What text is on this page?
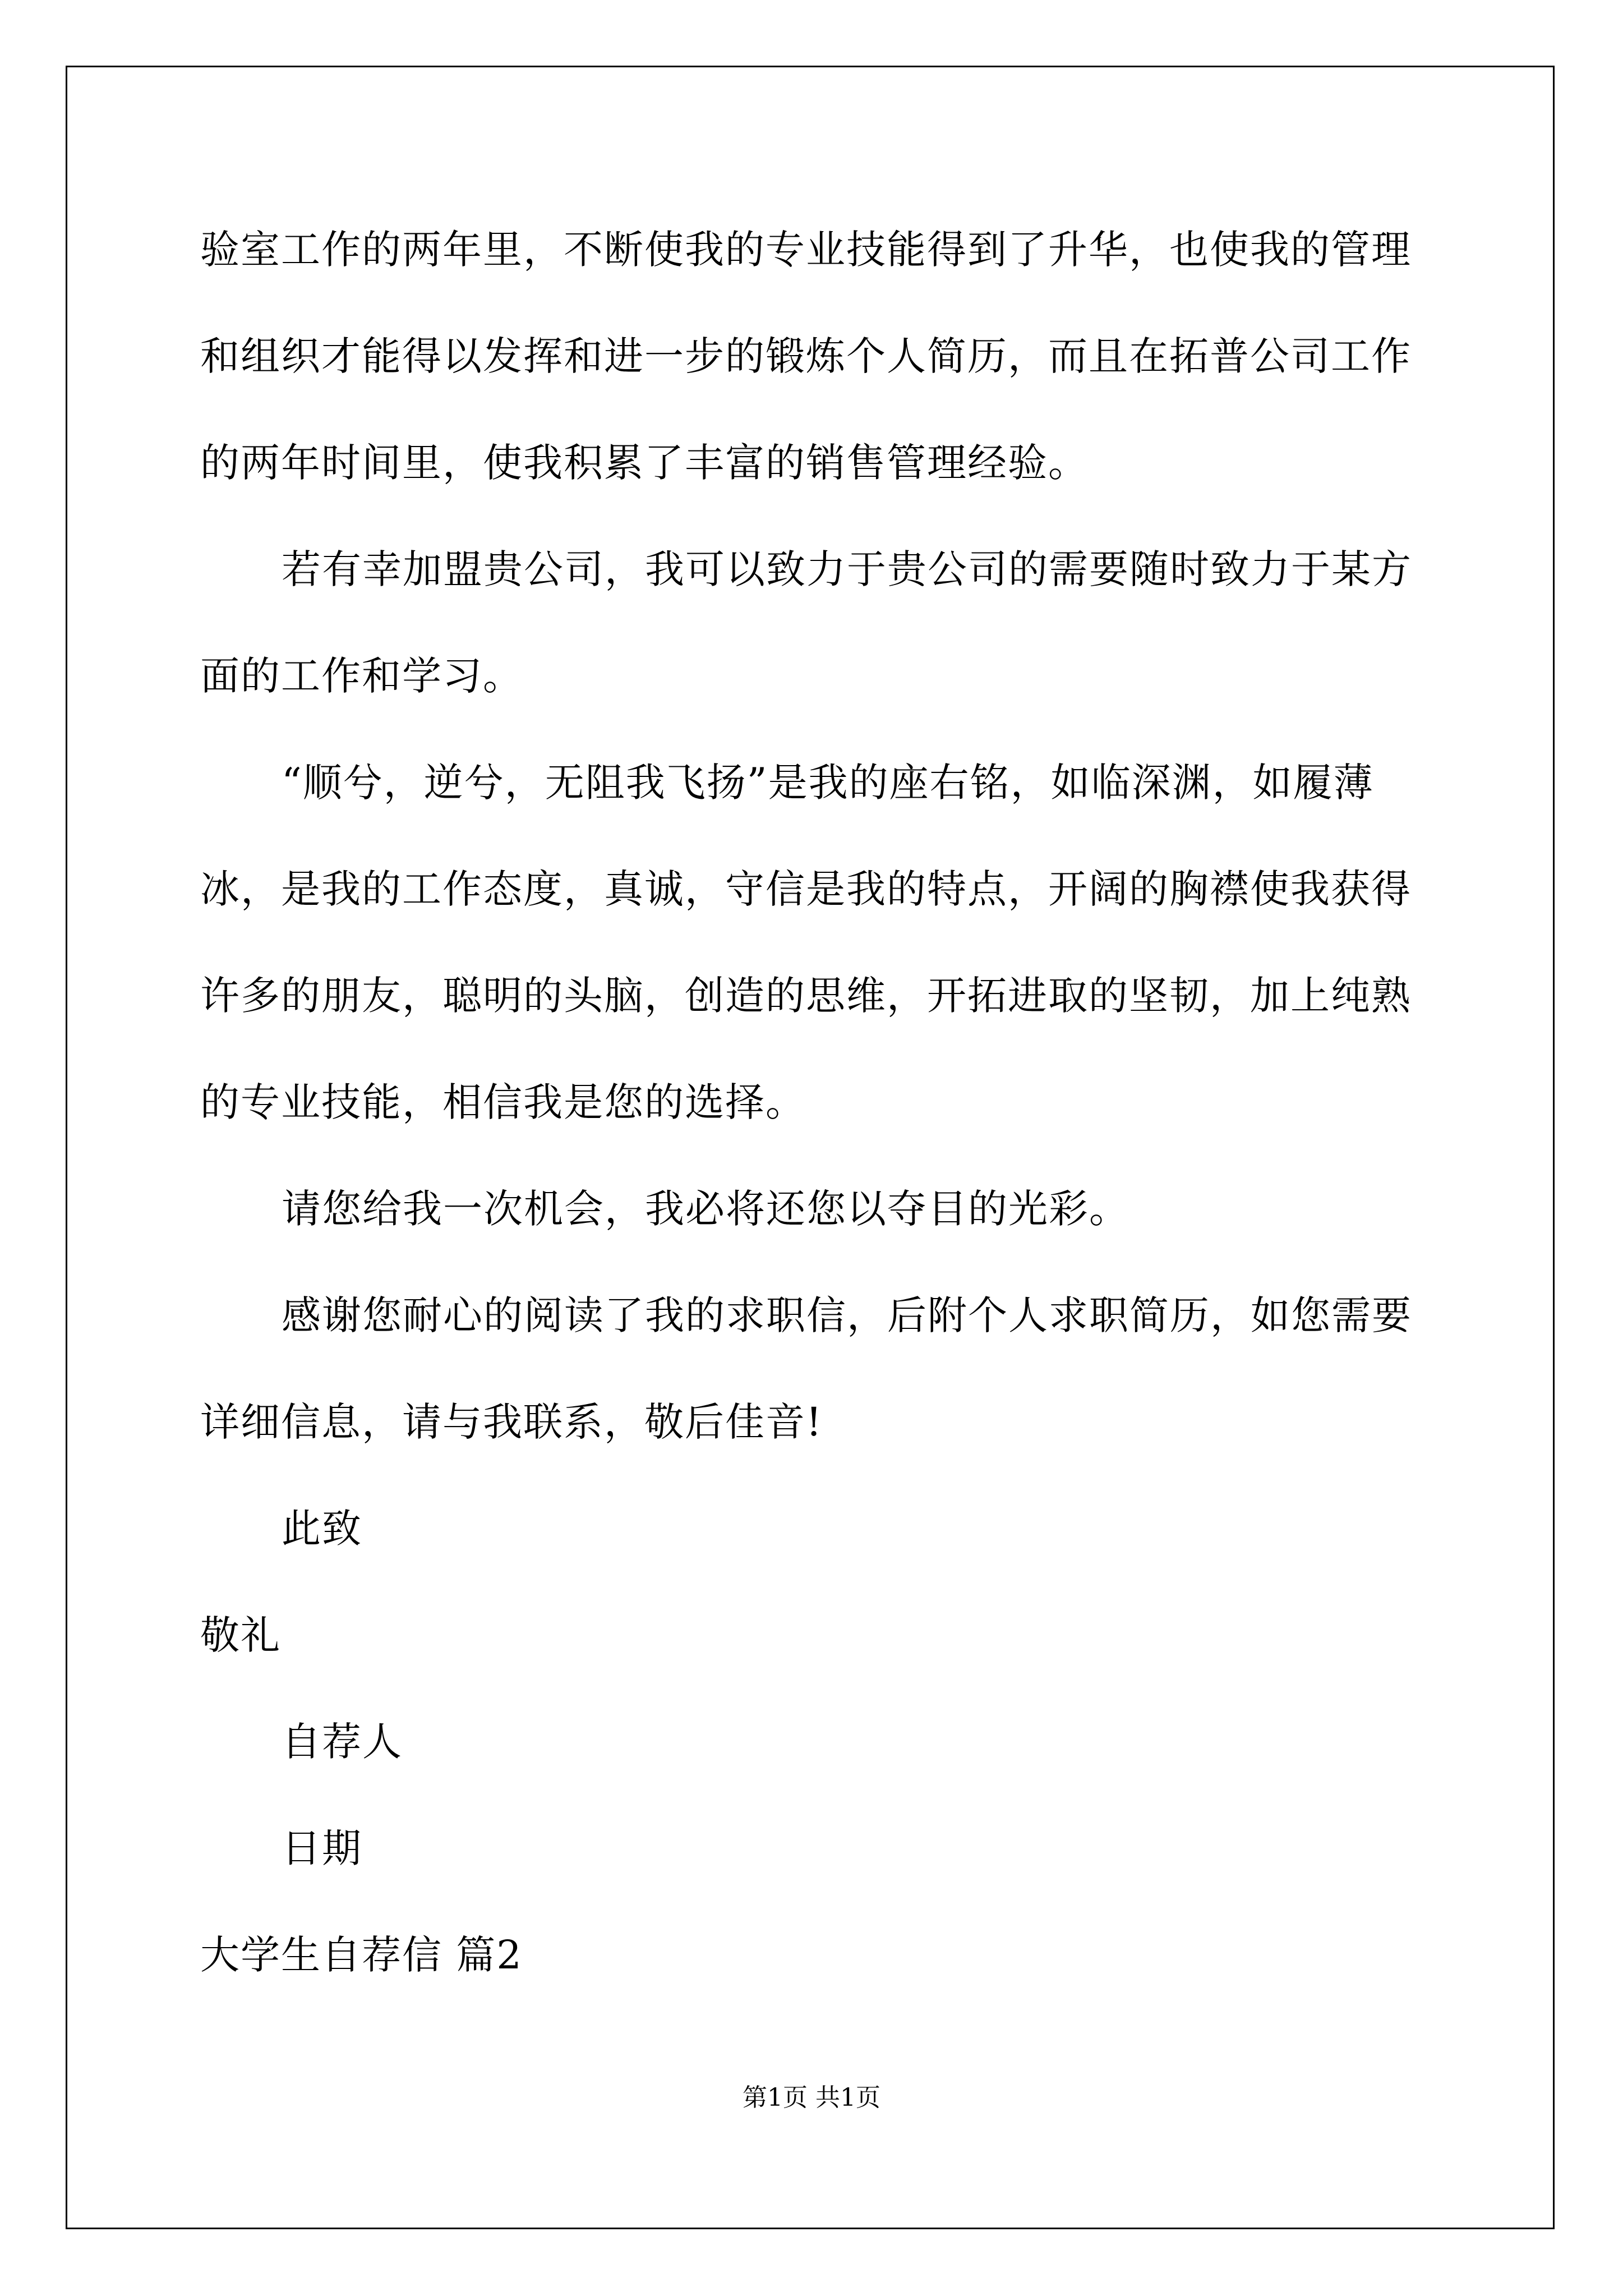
验室工作的两年里，不断使我的专业技能得到了升华，也使我的管理
和组织才能得以发挥和进一步的锻炼个人简历，而且在拓普公司工作
的两年时间里，使我积累了丰富的销售管理经验。
若有幸加盟贵公司，我可以致力于贵公司的需要随时致力于某方
面的工作和学习。
“顺兮，逆兮，无阻我飞扬”是我的座右铭，如临深渊，如履薄
冰，是我的工作态度，真诚，守信是我的特点，开阔的胸襟使我获得
许多的朋友，聪明的头脑，创造的思维，开拓进取的坚韧，加上纯熟
的专业技能，相信我是您的选择。
请您给我一次机会，我必将还您以夺目的光彩。
感谢您耐心的阅读了我的求职信，后附个人求职简历，如您需要
详细信息，请与我联系，敬后佳音!
此致
敬礼
自荐人
日期
大学生自荐信 篇2
第1页 共1页
